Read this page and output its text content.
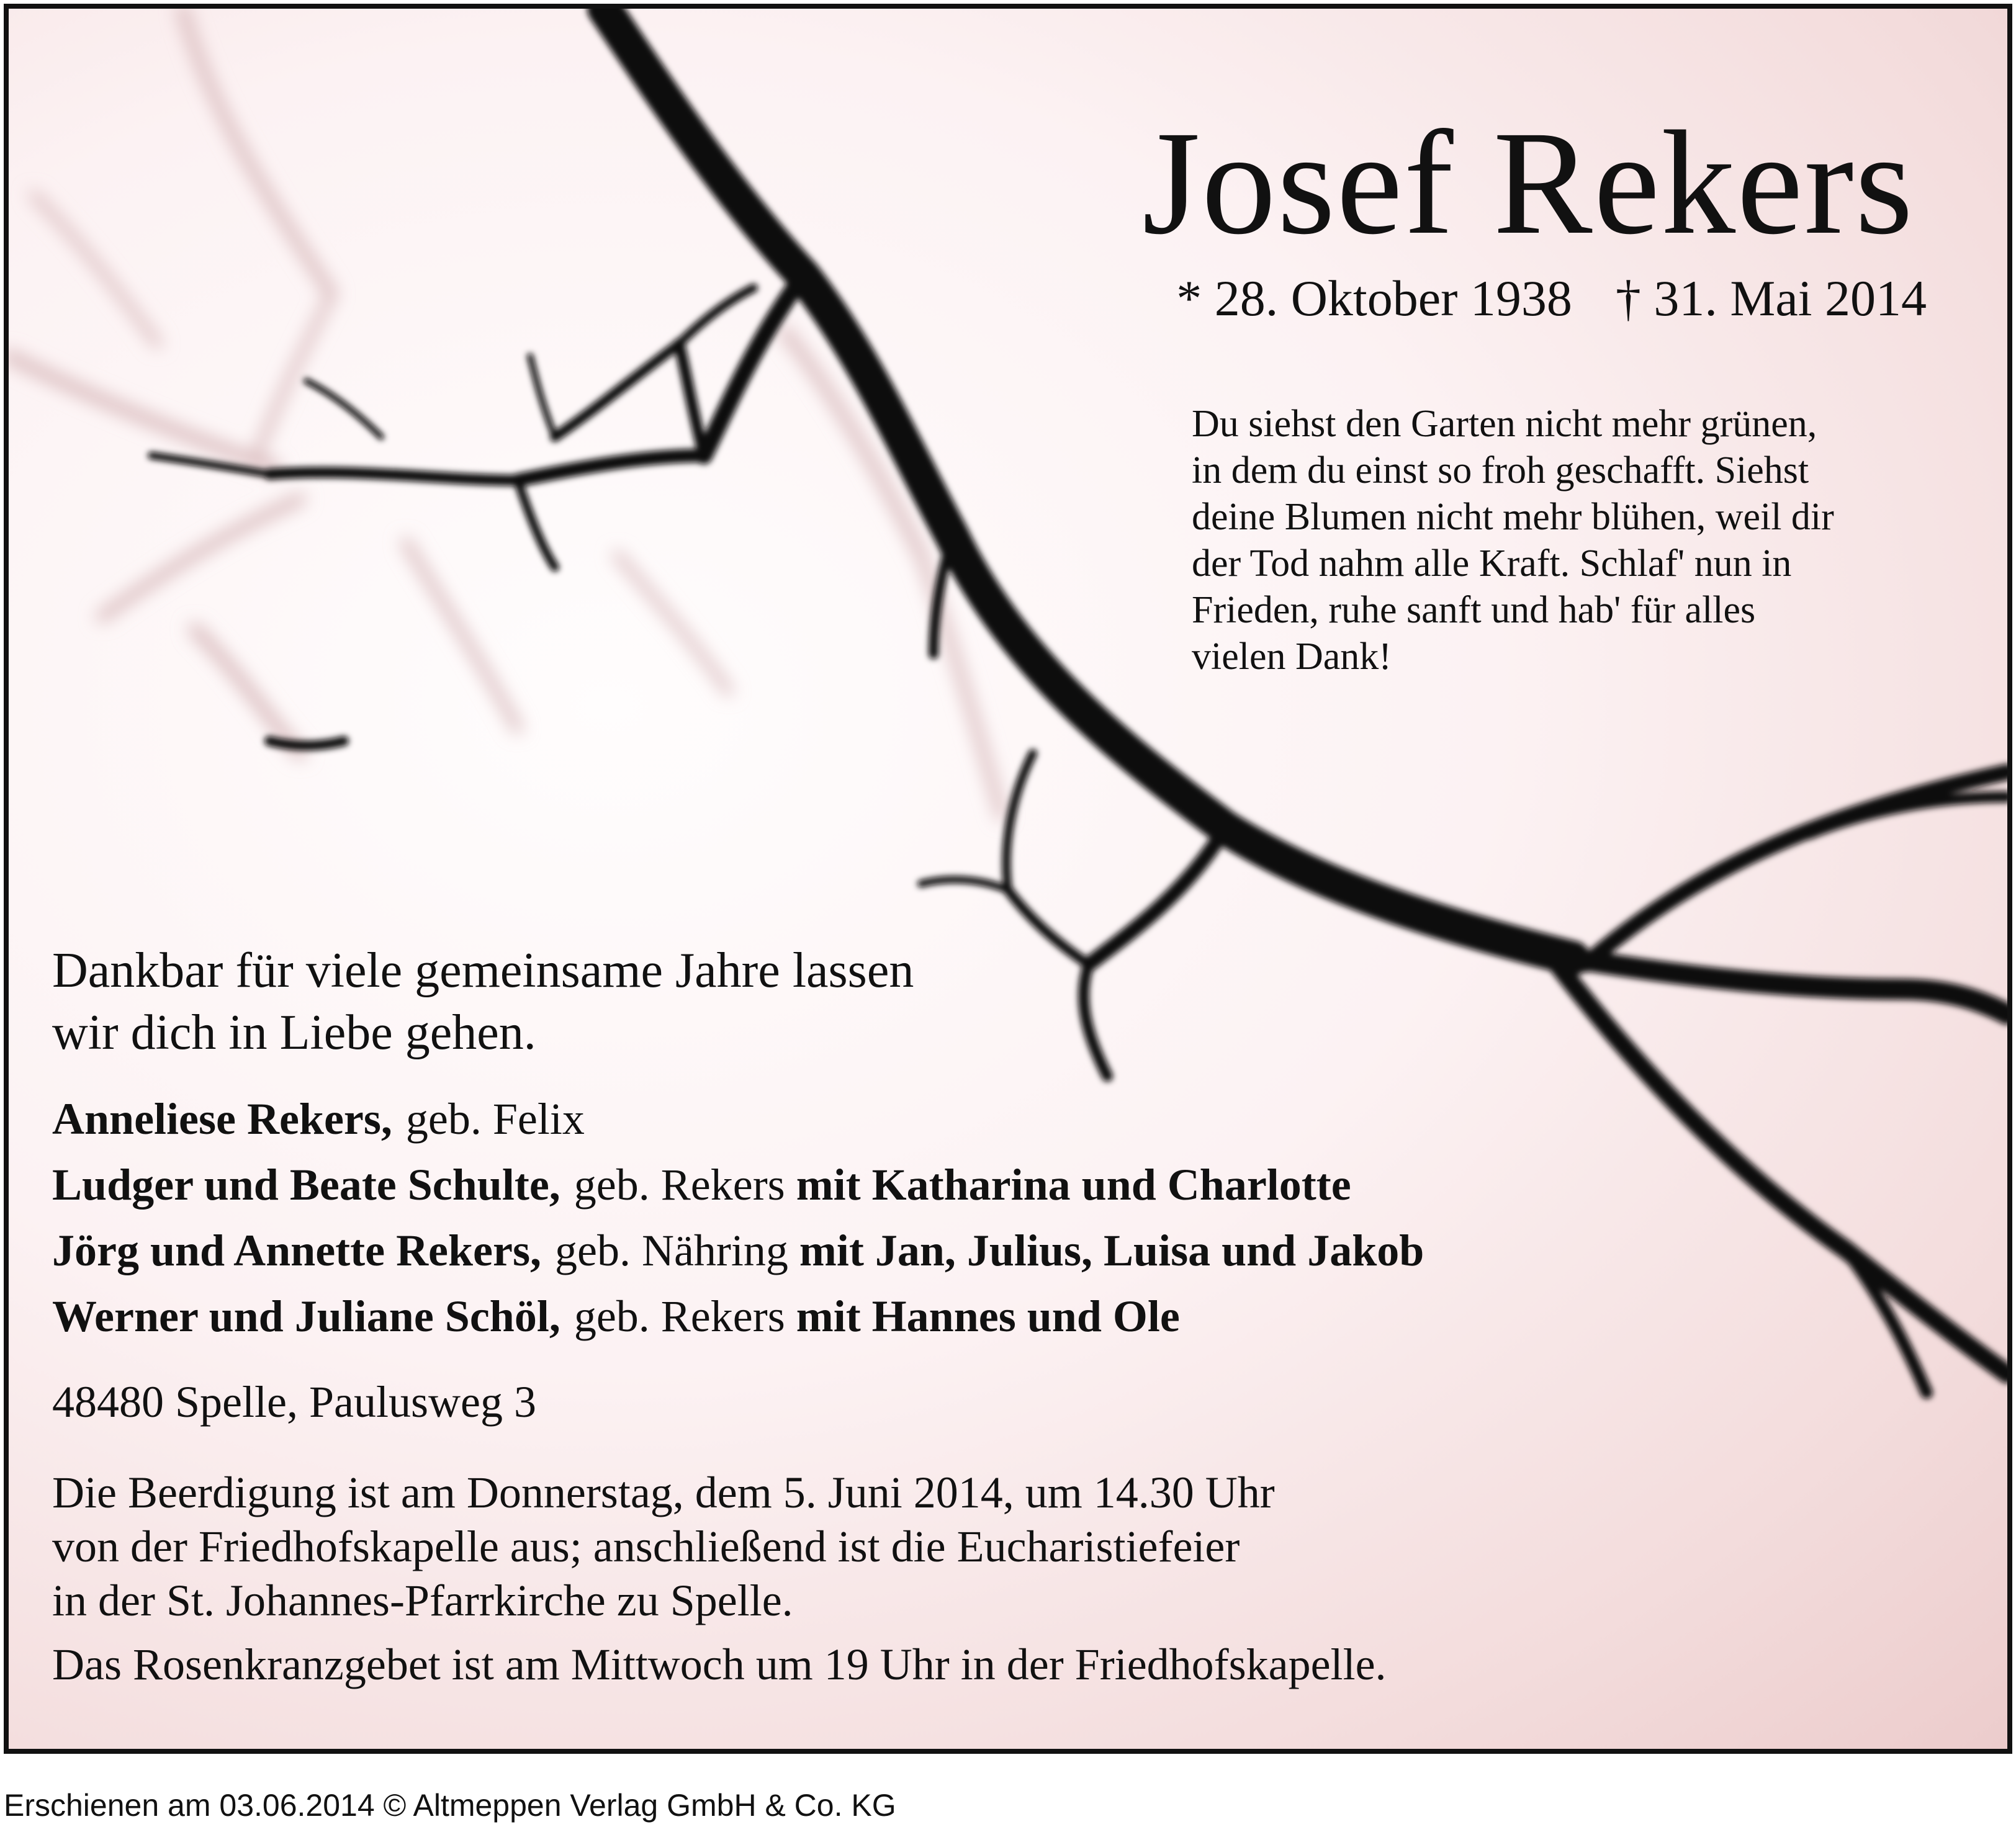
Josef Rekers
* 28. Oktober 1938 † 31. Mai 2014
Du siehst den Garten nicht mehr grünen,
in dem du einst so froh geschafft. Siehst
deine Blumen nicht mehr blühen, weil dir
der Tod nahm alle Kraft. Schlaf' nun in
Frieden, ruhe sanft und hab' für alles
vielen Dank!

Dankbar für viele gemeinsame Jahre lassen
wir dich in Liebe gehen.

Anneliese Rekers, geb. Felix
Ludger und Beate Schulte, geb. Rekers mit Katharina und Charlotte
Jörg und Annette Rekers, geb. Nähring mit Jan, Julius, Luisa und Jakob
Werner und Juliane Schöl, geb. Rekers mit Hannes und Ole
48480 Spelle, Paulusweg 3
Die Beerdigung ist am Donnerstag, dem 5. Juni 2014, um 14.30 Uhr
von der Friedhofskapelle aus; anschließend ist die Eucharistiefeier
in der St. Johannes-Pfarrkirche zu Spelle.
Das Rosenkranzgebet ist am Mittwoch um 19 Uhr in der Friedhofskapelle.
Erschienen am 03.06.2014 © Altmeppen Verlag GmbH & Co. KG
